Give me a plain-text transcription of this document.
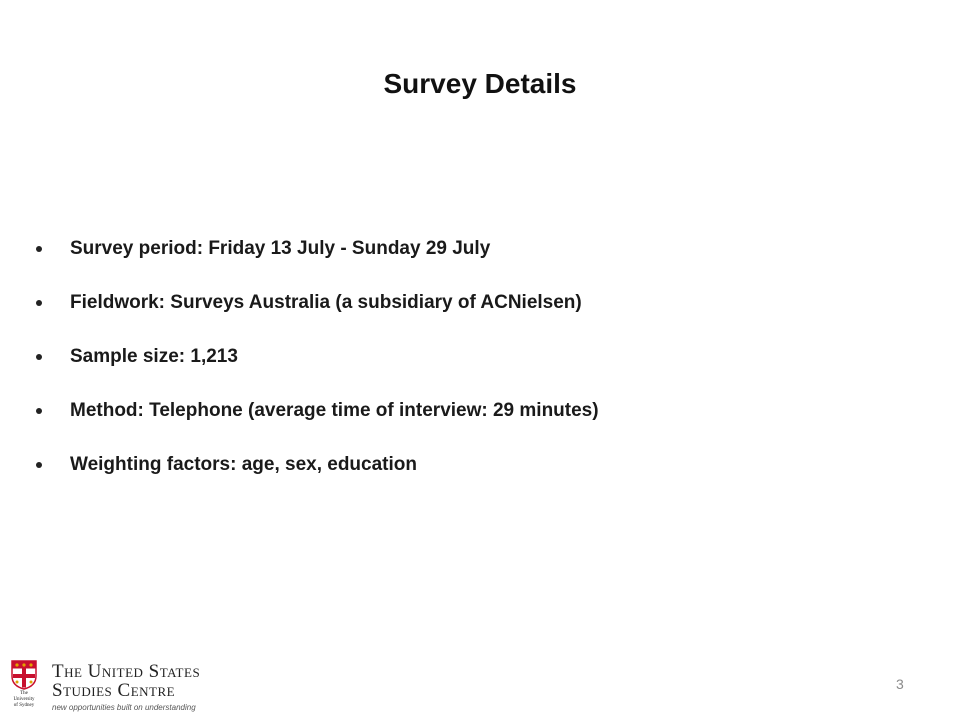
Survey Details
Survey period: Friday 13 July - Sunday 29 July
Fieldwork: Surveys Australia (a subsidiary of ACNielsen)
Sample size: 1,213
Method: Telephone (average time of interview: 29 minutes)
Weighting factors: age, sex, education
The
University
of Sydney
The United States
Studies Centre
new opportunities built on understanding
3
